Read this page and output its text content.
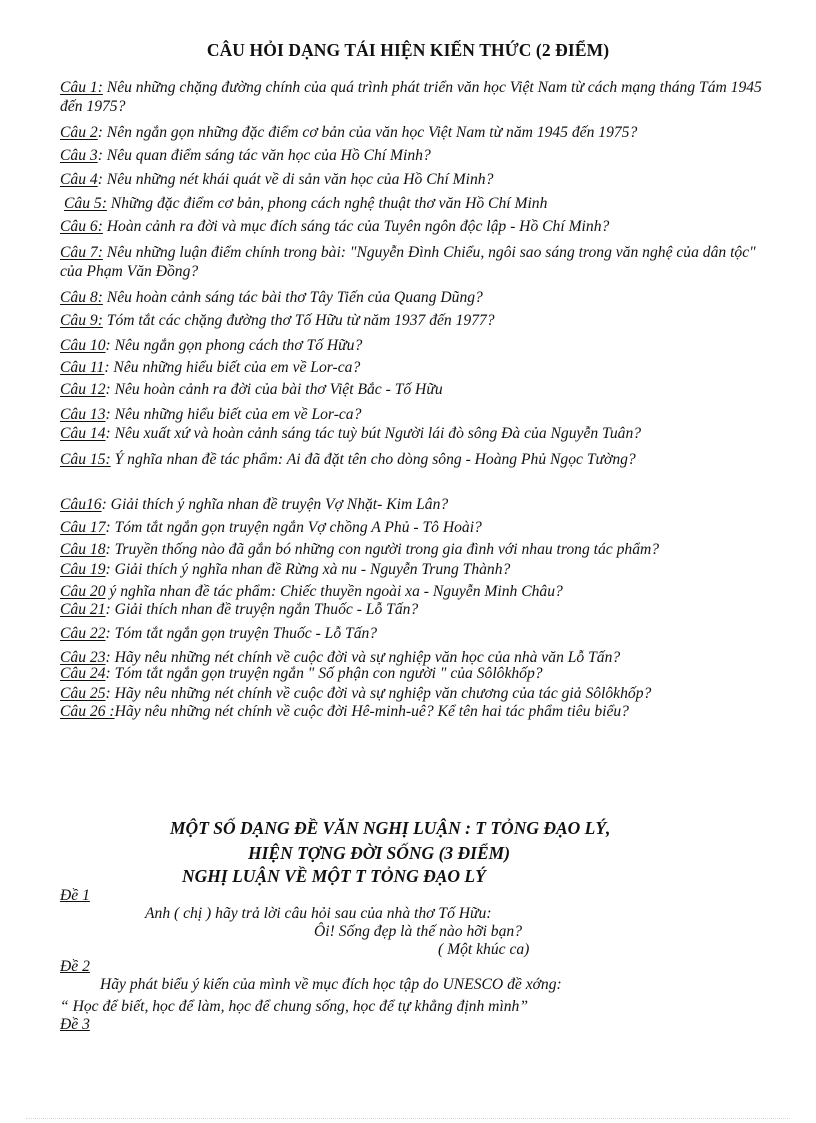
CÂU HỎI DẠNG TÁI HIỆN KIẾN THỨC (2 ĐIỂM)
Câu 1: Nêu những chặng đường chính của quá trình phát triển văn học Việt Nam từ cách mạng tháng Tám 1945 đến 1975?
Câu 2: Nên ngắn gọn những đặc điểm cơ bản của văn học Việt Nam từ năm 1945 đến 1975?
Câu 3: Nêu quan điểm sáng tác văn học của Hồ Chí Minh?
Câu 4: Nêu những nét khái quát về di sản văn học của Hồ Chí Minh?
Câu 5: Những đặc điểm cơ bản, phong cách nghệ thuật thơ văn Hồ Chí Minh
Câu 6: Hoàn cảnh ra đời và mục đích sáng tác của Tuyên ngôn độc lập - Hồ Chí Minh?
Câu 7: Nêu những luận điểm chính trong bài: "Nguyễn Đình Chiểu, ngôi sao sáng trong văn nghệ của dân tộc" của Phạm Văn Đồng?
Câu 8: Nêu hoàn cảnh sáng tác bài thơ Tây Tiến của Quang Dũng?
Câu 9: Tóm tắt các chặng đường thơ Tố Hữu từ năm 1937 đến 1977?
Câu 10: Nêu ngắn gọn phong cách thơ Tố Hữu?
Câu 11: Nêu những hiểu biết của em về Lor-ca?
Câu 12: Nêu hoàn cảnh ra đời của bài thơ Việt Bắc - Tố Hữu
Câu 13: Nêu những hiểu biết của em về Lor-ca?
Câu 14: Nêu xuất xứ và hoàn cảnh sáng tác tuỳ bút Người lái đò sông Đà của Nguyễn Tuân?
Câu 15: Ý nghĩa nhan đề tác phẩm: Ai đã đặt tên cho dòng sông - Hoàng Phủ Ngọc Tường?
Câu16: Giải thích ý nghĩa nhan đề truyện Vợ Nhặt- Kim Lân?
Câu 17: Tóm tắt ngắn gọn truyện ngắn Vợ chồng A Phủ - Tô Hoài?
Câu 18: Truyền thống nào đã gắn bó những con người trong gia đình với nhau trong tác phẩm?
Câu 19: Giải thích ý nghĩa nhan đề Rừng xà nu - Nguyễn Trung Thành?
Câu 20 ý nghĩa nhan đề tác phẩm: Chiếc thuyền ngoài xa - Nguyễn Minh Châu?
Câu 21: Giải thích nhan đề truyện ngắn Thuốc - Lỗ Tấn?
Câu 22: Tóm tắt ngắn gọn truyện Thuốc - Lỗ Tấn?
Câu 23: Hãy nêu những nét chính về cuộc đời và sự nghiệp văn học của nhà văn Lỗ Tấn?
Câu 24: Tóm tắt ngắn gọn truyện ngắn " Số phận con người " của Sôlôkhốp?
Câu 25: Hãy nêu những nét chính về cuộc đời và sự nghiệp văn chương của tác giả Sôlôkhốp?
Câu 26 :Hãy nêu những nét chính về cuộc đời Hê-minh-uê? Kể tên hai tác phẩm tiêu biểu?
MỘT SỐ DẠNG ĐỀ VĂN NGHỊ LUẬN : T TỎNG ĐẠO LÝ,
HIỆN TỢNG ĐỜI SỐNG (3 ĐIỂM)
NGHỊ LUẬN VỀ MỘT T TỎNG ĐẠO LÝ
Đề 1
Anh ( chị ) hãy trả lời câu hỏi sau của nhà thơ Tố Hữu:
Ôi! Sống đẹp là thế nào hỡi bạn?
( Một khúc ca)
Đề 2
Hãy phát biểu ý kiến của mình về mục đích học tập do UNESCO đề xớng:
“ Học để biết, học để làm, học để chung sống, học để tự khẳng định mình”
Đề 3
